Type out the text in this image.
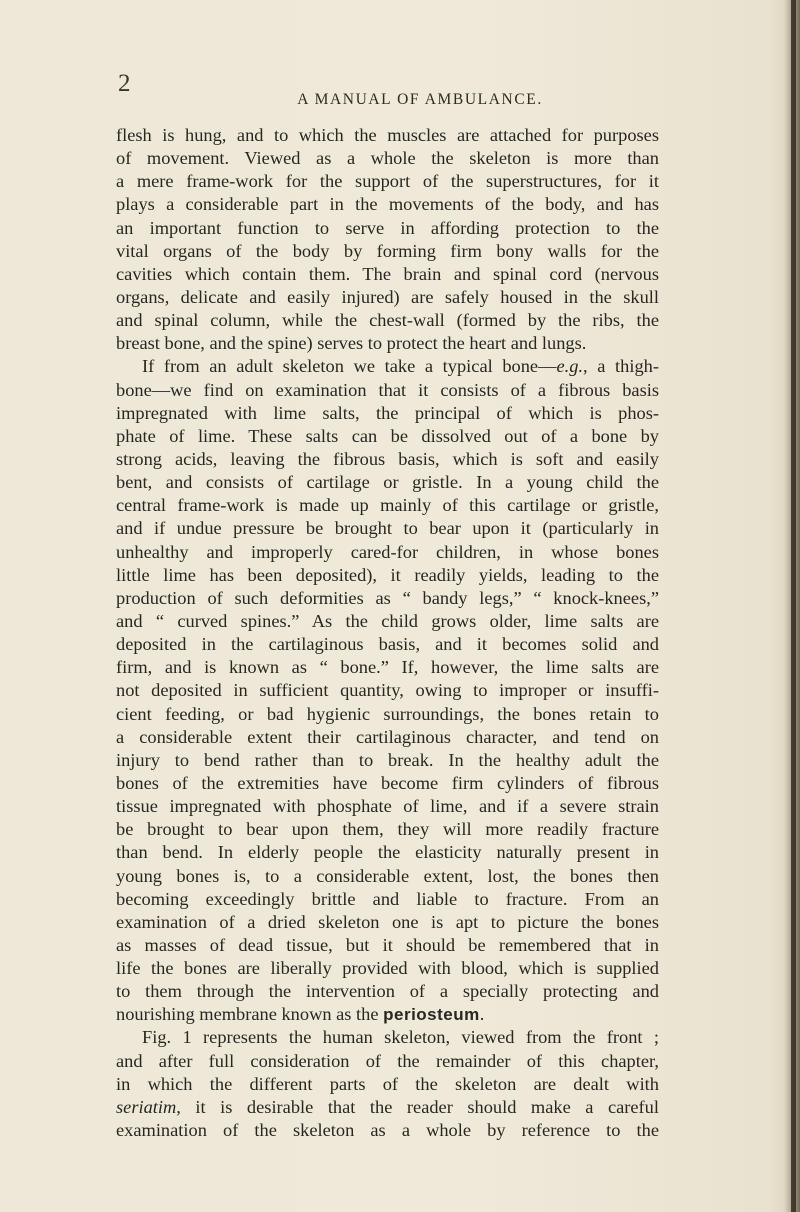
2
A MANUAL OF AMBULANCE.
flesh is hung, and to which the muscles are attached for purposes
of movement. Viewed as a whole the skeleton is more than
a mere frame-work for the support of the superstructures, for it
plays a considerable part in the movements of the body, and has
an important function to serve in affording protection to the
vital organs of the body by forming firm bony walls for the
cavities which contain them. The brain and spinal cord (nervous
organs, delicate and easily injured) are safely housed in the skull
and spinal column, while the chest-wall (formed by the ribs, the
breast bone, and the spine) serves to protect the heart and lungs.
If from an adult skeleton we take a typical bone—e.g., a thigh-
bone—we find on examination that it consists of a fibrous basis
impregnated with lime salts, the principal of which is phos-
phate of lime. These salts can be dissolved out of a bone by
strong acids, leaving the fibrous basis, which is soft and easily
bent, and consists of cartilage or gristle. In a young child the
central frame-work is made up mainly of this cartilage or gristle,
and if undue pressure be brought to bear upon it (particularly in
unhealthy and improperly cared-for children, in whose bones
little lime has been deposited), it readily yields, leading to the
production of such deformities as “ bandy legs,” “ knock-knees,”
and “ curved spines.” As the child grows older, lime salts are
deposited in the cartilaginous basis, and it becomes solid and
firm, and is known as “ bone.” If, however, the lime salts are
not deposited in sufficient quantity, owing to improper or insuffi-
cient feeding, or bad hygienic surroundings, the bones retain to
a considerable extent their cartilaginous character, and tend on
injury to bend rather than to break. In the healthy adult the
bones of the extremities have become firm cylinders of fibrous
tissue impregnated with phosphate of lime, and if a severe strain
be brought to bear upon them, they will more readily fracture
than bend. In elderly people the elasticity naturally present in
young bones is, to a considerable extent, lost, the bones then
becoming exceedingly brittle and liable to fracture. From an
examination of a dried skeleton one is apt to picture the bones
as masses of dead tissue, but it should be remembered that in
life the bones are liberally provided with blood, which is supplied
to them through the intervention of a specially protecting and
nourishing membrane known as the periosteum.
Fig. 1 represents the human skeleton, viewed from the front ;
and after full consideration of the remainder of this chapter,
in which the different parts of the skeleton are dealt with
seriatim, it is desirable that the reader should make a careful
examination of the skeleton as a whole by reference to the
